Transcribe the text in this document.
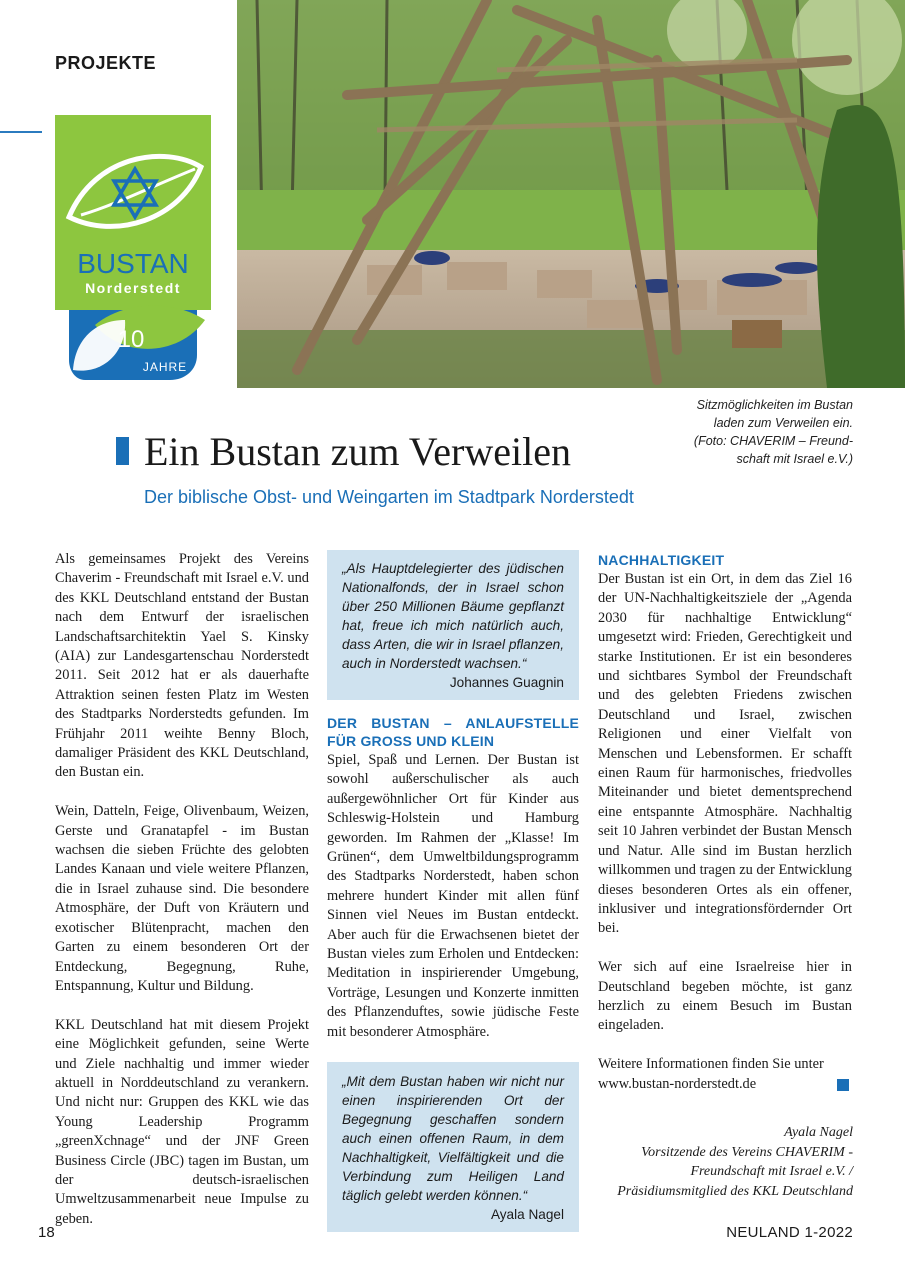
PROJEKTE
BUSTAN
Norderstedt
10
JAHRE
Sitzmöglichkeiten im Bustan
laden zum Verweilen ein.
(Foto: CHAVERIM – Freund-
schaft mit Israel e.V.)
Ein Bustan zum Verweilen
Der biblische Obst- und Weingarten im Stadtpark Norderstedt

Als gemeinsames Projekt des Vereins Chaverim - Freundschaft mit Israel e.V. und des KKL Deutschland entstand der Bustan nach dem Entwurf der israelischen Landschaftsarchitektin Yael S. Kinsky (AIA) zur Landesgartenschau Norderstedt 2011. Seit 2012 hat er als dauerhafte Attraktion seinen festen Platz im Westen des Stadtparks Norderstedts gefunden. Im Frühjahr 2011 weihte Benny Bloch, damaliger Präsident des KKL Deutschland, den Bustan ein.

Wein, Datteln, Feige, Olivenbaum, Weizen, Gerste und Granatapfel - im Bustan wachsen die sieben Früchte des gelobten Landes Kanaan und viele weitere Pflanzen, die in Israel zuhause sind. Die besondere Atmosphäre, der Duft von Kräutern und exotischer Blütenpracht, machen den Garten zu einem besonderen Ort der Entdeckung, Begegnung, Ruhe, Entspannung, Kultur und Bildung.

KKL Deutschland hat mit diesem Projekt eine Möglichkeit gefunden, seine Werte und Ziele nachhaltig und immer wieder aktuell in Norddeutschland zu verankern. Und nicht nur: Gruppen des KKL wie das Young Leadership Programm „greenXchnage“ und der JNF Green Business Circle (JBC) tagen im Bustan, um der deutsch-israelischen Umweltzusammenarbeit neue Impulse zu geben.

„Als Hauptdelegierter des jüdischen Nationalfonds, der in Israel schon über 250 Millionen Bäume gepflanzt hat, freue ich mich natürlich auch, dass Arten, die wir in Israel pflanzen, auch in Norderstedt wachsen.“
Johannes Guagnin
DER BUSTAN – ANLAUFSTELLE FÜR GROSS UND KLEIN

Spiel, Spaß und Lernen. Der Bustan ist sowohl außerschulischer als auch außergewöhnlicher Ort für Kinder aus Schleswig-Holstein und Hamburg geworden. Im Rahmen der „Klasse! Im Grünen“, dem Umweltbildungsprogramm des Stadtparks Norderstedt, haben schon mehrere hundert Kinder mit allen fünf Sinnen viel Neues im Bustan entdeckt. Aber auch für die Erwachsenen bietet der Bustan vieles zum Erholen und Entdecken: Meditation in inspirierender Umgebung, Vorträge, Lesungen und Konzerte inmitten des Pflanzenduftes, sowie jüdische Feste mit besonderer Atmosphäre.

„Mit dem Bustan haben wir nicht nur einen inspirierenden Ort der Begegnung geschaffen sondern auch einen offenen Raum, in dem Nachhaltigkeit, Vielfältigkeit und die Verbindung zum Heiligen Land täglich gelebt werden können.“
Ayala Nagel
NACHHALTIGKEIT

Der Bustan ist ein Ort, in dem das Ziel 16 der UN-Nachhaltigkeitsziele der „Agenda 2030 für nachhaltige Entwicklung“ umgesetzt wird: Frieden, Gerechtigkeit und starke Institutionen. Er ist ein besonderes und sichtbares Symbol der Freundschaft und des gelebten Friedens zwischen Deutschland und Israel, zwischen Religionen und einer Vielfalt von Menschen und Lebensformen. Er schafft einen Raum für harmonisches, friedvolles Miteinander und bietet dementsprechend eine entspannte Atmosphäre. Nachhaltig seit 10 Jahren verbindet der Bustan Mensch und Natur. Alle sind im Bustan herzlich willkommen und tragen zu der Entwicklung dieses besonderen Ortes als ein offener, inklusiver und integrationsfördernder Ort bei.

Wer sich auf eine Israelreise hier in Deutschland begeben möchte, ist ganz herzlich zu einem Besuch im Bustan eingeladen.

Weitere Informationen finden Sie unter
www.bustan-norderstedt.de

Ayala Nagel
Vorsitzende des Vereins CHAVERIM -
Freundschaft mit Israel e.V. /
Präsidiumsmitglied des KKL Deutschland
18	NEULAND 1-2022
